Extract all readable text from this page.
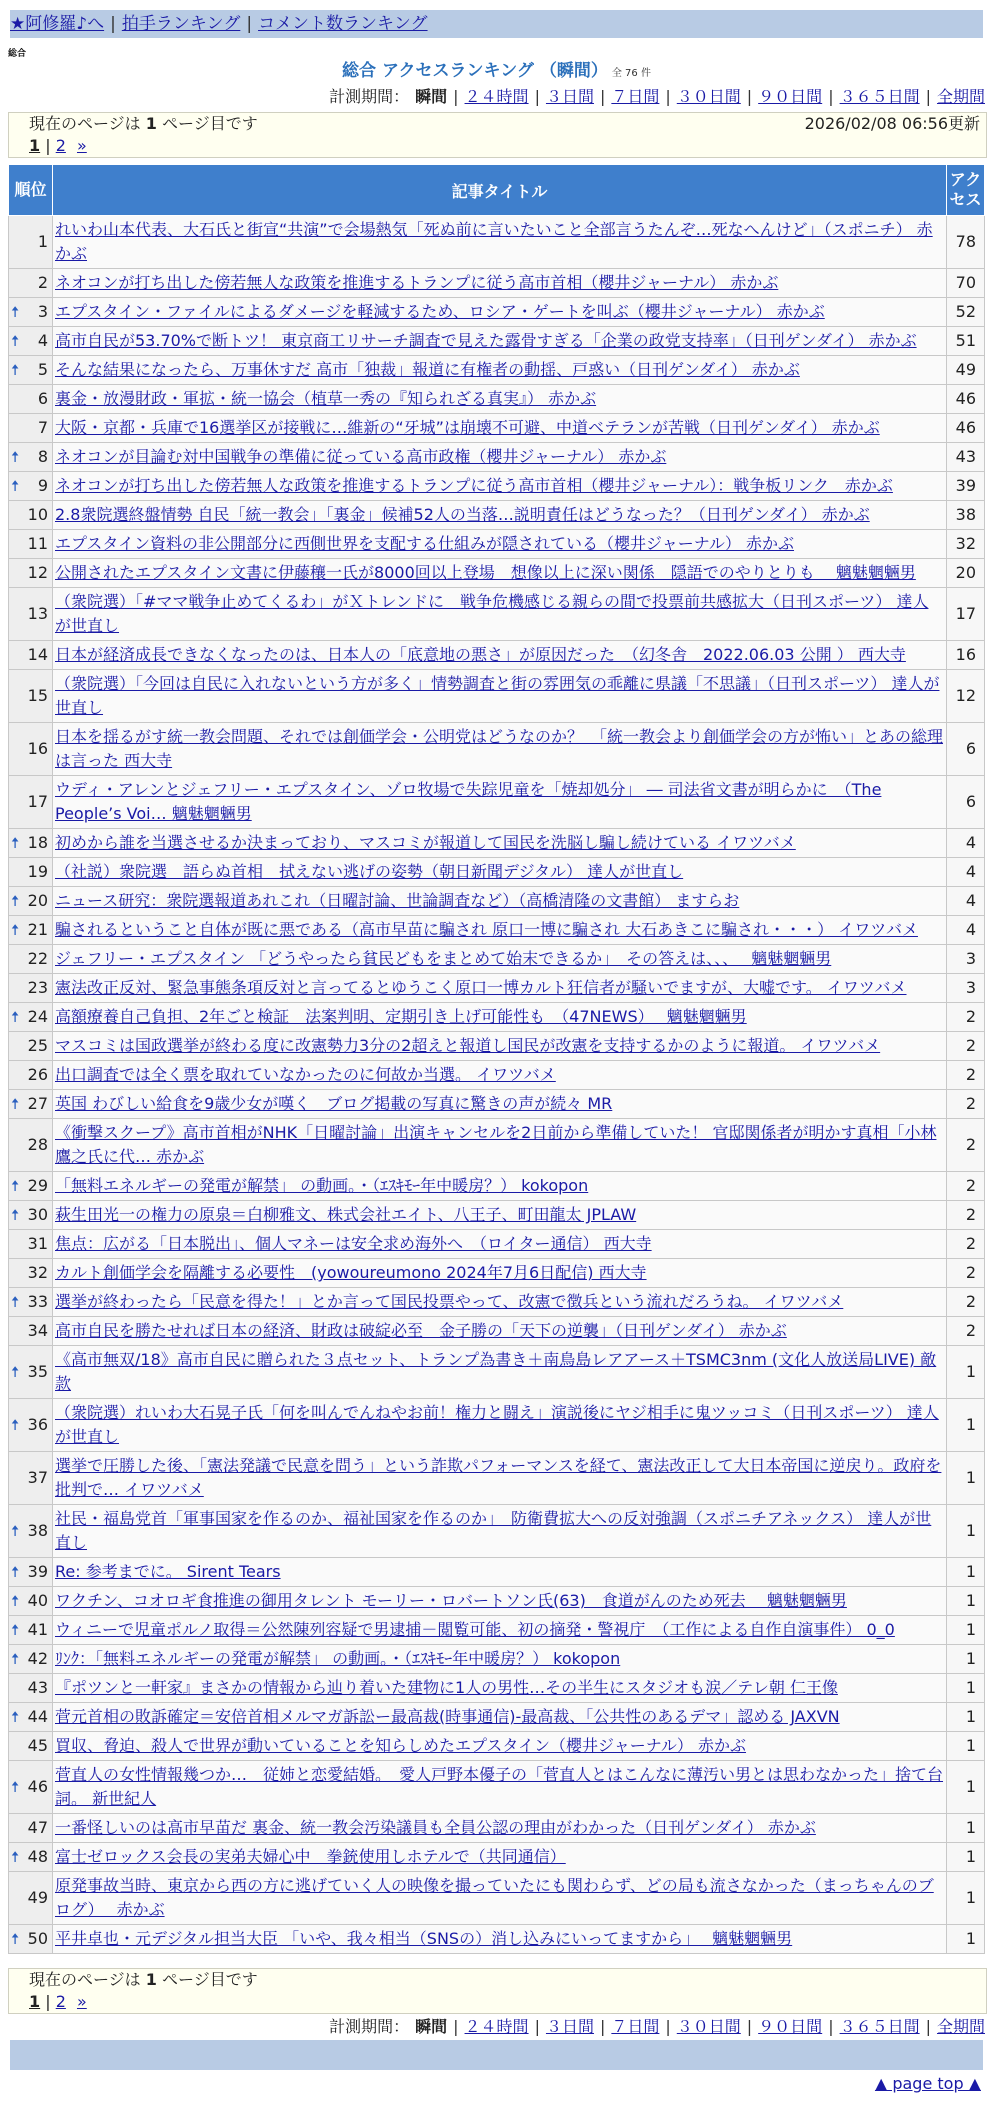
★阿修羅♪へ | 拍手ランキング | コメント数ランキング
総合
総合 アクセスランキング （瞬間） 全 76 件
計測期間： 瞬間 | ２４時間 | ３日間 | ７日間 | ３０日間 | ９０日間 | ３６５日間 | 全期間
現在のページは 1 ページ目です	2026/02/08 06:56更新
1 | 2 »
順位	記事タイトル	アクセス
1	れいわ山本代表、大石氏と街宣“共演”で会場熱気「死ぬ前に言いたいこと全部言うたんぞ…死なへんけど」（スポニチ） 赤かぶ	78
2	ネオコンが打ち出した傍若無人な政策を推進するトランプに従う高市首相（櫻井ジャーナル） 赤かぶ	70

🠅 3	エプスタイン・ファイルによるダメージを軽減するため、ロシア・ゲートを叫ぶ（櫻井ジャーナル） 赤かぶ	52

🠅 4	高市自民が53.70%で断トツ！ 東京商工リサーチ調査で見えた露骨すぎる「企業の政党支持率」（日刊ゲンダイ） 赤かぶ	51

🠅 5	そんな結果になったら、万事休すだ 高市「独裁」報道に有権者の動揺、戸惑い（日刊ゲンダイ） 赤かぶ	49
6	裏金・放漫財政・軍拡・統一協会（植草一秀の『知られざる真実』） 赤かぶ	46
7	大阪・京都・兵庫で16選挙区が接戦に…維新の“牙城”は崩壊不可避、中道ベテランが苦戦（日刊ゲンダイ） 赤かぶ	46

🠅 8	ネオコンが目論む対中国戦争の準備に従っている高市政権（櫻井ジャーナル） 赤かぶ	43

🠅 9	ネオコンが打ち出した傍若無人な政策を推進するトランプに従う高市首相（櫻井ジャーナル）：戦争板リンク　赤かぶ	39
10	2.8衆院選終盤情勢 自民「統一教会」「裏金」候補52人の当落…説明責任はどうなった？（日刊ゲンダイ） 赤かぶ	38
11	エプスタイン資料の非公開部分に西側世界を支配する仕組みが隠されている（櫻井ジャーナル） 赤かぶ	32
12	公開されたエプスタイン文書に伊藤穰一氏が8000回以上登場　想像以上に深い関係　隠語でのやりとりも　 魑魅魍魎男	20
13	（衆院選）「#ママ戦争止めてくるわ」がＸトレンドに　戦争危機感じる親らの間で投票前共感拡大（日刊スポーツ） 達人が世直し	17
14	日本が経済成長できなくなったのは、日本人の「底意地の悪さ」が原因だった　（幻冬舎　2022.06.03 公開 ） 西大寺	16
15	（衆院選）「今回は自民に入れないという方が多く」情勢調査と街の雰囲気の乖離に県議「不思議」（日刊スポーツ） 達人が世直し	12
16	日本を揺るがす統一教会問題、それでは創価学会・公明党はどうなのか？　「統一教会より創価学会の方が怖い」とあの総理は言った 西大寺	6
17	ウディ・アレンとジェフリー・エプスタイン、ゾロ牧場で失踪児童を「焼却処分」 ― 司法省文書が明らかに　（The People’s Voi… 魑魅魍魎男	6

🠅 18	初めから誰を当選させるか決まっており、マスコミが報道して国民を洗脳し騙し続けている イワツバメ	4
19	（社説）衆院選　語らぬ首相　拭えない逃げの姿勢（朝日新聞デジタル） 達人が世直し	4

🠅 20	ニュース研究：衆院選報道あれこれ（日曜討論、世論調査など）（高橋清隆の文書館） ますらお	4

🠅 21	騙されるということ自体が既に悪である（高市早苗に騙され 原口一博に騙され 大石あきこに騙され・・・） イワツバメ	4
22	ジェフリー・エプスタイン 「どうやったら貧民どもをまとめて始末できるか」　その答えは、、、　 魑魅魍魎男	3
23	憲法改正反対、緊急事態条項反対と言ってるとゆうこく原口一博カルト狂信者が騒いでますが、大嘘です。 イワツバメ	3

🠅 24	高額療養自己負担、2年ごと検証　法案判明、定期引き上げ可能性も　（47NEWS）　 魑魅魍魎男	2
25	マスコミは国政選挙が終わる度に改憲勢力3分の2超えと報道し国民が改憲を支持するかのように報道。 イワツバメ	2
26	出口調査では全く票を取れていなかったのに何故か当選。 イワツバメ	2

🠅 27	英国 わびしい給食を9歳少女が嘆く　ブログ掲載の写真に驚きの声が続々 MR	2
28	《衝撃スクープ》高市首相がNHK「日曜討論」出演キャンセルを2日前から準備していた！ 官邸関係者が明かす真相「小林鷹之氏に代… 赤かぶ	2

🠅 29	「無料エネルギーの発電が解禁」 の動画。・（ｴｽｷﾓｰ年中暖房？） kokopon	2

🠅 30	萩生田光一の権力の原泉＝白柳雅文、株式会社エイト、八王子、町田龍太 JPLAW	2
31	焦点：広がる「日本脱出」、個人マネーは安全求め海外へ　（ロイター通信） 西大寺	2
32	カルト創価学会を隔離する必要性　(yowoureumono 2024年7月6日配信) 西大寺	2

🠅 33	選挙が終わったら「民意を得た！」とか言って国民投票やって、改憲で徴兵という流れだろうね。 イワツバメ	2
34	高市自民を勝たせれば日本の経済、財政は破綻必至　金子勝の「天下の逆襲」（日刊ゲンダイ） 赤かぶ	2

🠅 35	《高市無双/18》高市自民に贈られた３点セット、トランプ為書き＋南鳥島レアアース＋TSMC3nm (文化人放送局LIVE) 敵款	1

🠅 36	（衆院選）れいわ大石晃子氏「何を叫んでんねやお前！権力と闘え」演説後にヤジ相手に鬼ツッコミ（日刊スポーツ） 達人が世直し	1
37	選挙で圧勝した後、「憲法発議で民意を問う」という詐欺パフォーマンスを経て、憲法改正して大日本帝国に逆戻り。政府を批判で… イワツバメ	1

🠅 38	社民・福島党首「軍事国家を作るのか、福祉国家を作るのか」　防衛費拡大への反対強調（スポニチアネックス） 達人が世直し	1

🠅 39	Re: 参考までに。 Sirent Tears	1

🠅 40	ワクチン、コオロギ食推進の御用タレント モーリー・ロバートソン氏(63)　食道がんのため死去　 魑魅魍魎男	1

🠅 41	ウィニーで児童ポルノ取得＝公然陳列容疑で男逮捕－閲覧可能、初の摘発・警視庁　（工作による自作自演事件） 0_0	1

🠅 42	ﾘﾝｸ：「無料エネルギーの発電が解禁」 の動画。・（ｴｽｷﾓｰ年中暖房？） kokopon	1
43	『ポツンと一軒家』まさかの情報から辿り着いた建物に1人の男性…その半生にスタジオも涙／テレ朝 仁王像	1

🠅 44	菅元首相の敗訴確定＝安倍首相メルマガ訴訟ー最高裁(時事通信)-最高裁、「公共性のあるデマ」認める JAXVN	1
45	買収、脅迫、殺人で世界が動いていることを知らしめたエプスタイン（櫻井ジャーナル） 赤かぶ	1

🠅 46	菅直人の女性情報幾つか…　従姉と恋愛結婚。　愛人戸野本優子の「菅直人とはこんなに薄汚い男とは思わなかった」捨て台詞。 新世紀人	1
47	一番怪しいのは高市早苗だ 裏金、統一教会汚染議員も全員公認の理由がわかった（日刊ゲンダイ） 赤かぶ	1

🠅 48	富士ゼロックス会長の実弟夫婦心中　拳銃使用しホテルで（共同通信）	1
49	原発事故当時、東京から西の方に逃げていく人の映像を撮っていたにも関わらず、どの局も流さなかった（まっちゃんのブログ）　 赤かぶ	1

🠅 50	平井卓也・元デジタル担当大臣 「いや、我々相当（SNSの）消し込みにいってますから」　 魑魅魍魎男	1
現在のページは 1 ページ目です
1 | 2 »
計測期間： 瞬間 | ２４時間 | ３日間 | ７日間 | ３０日間 | ９０日間 | ３６５日間 | 全期間
▲ page top ▲
